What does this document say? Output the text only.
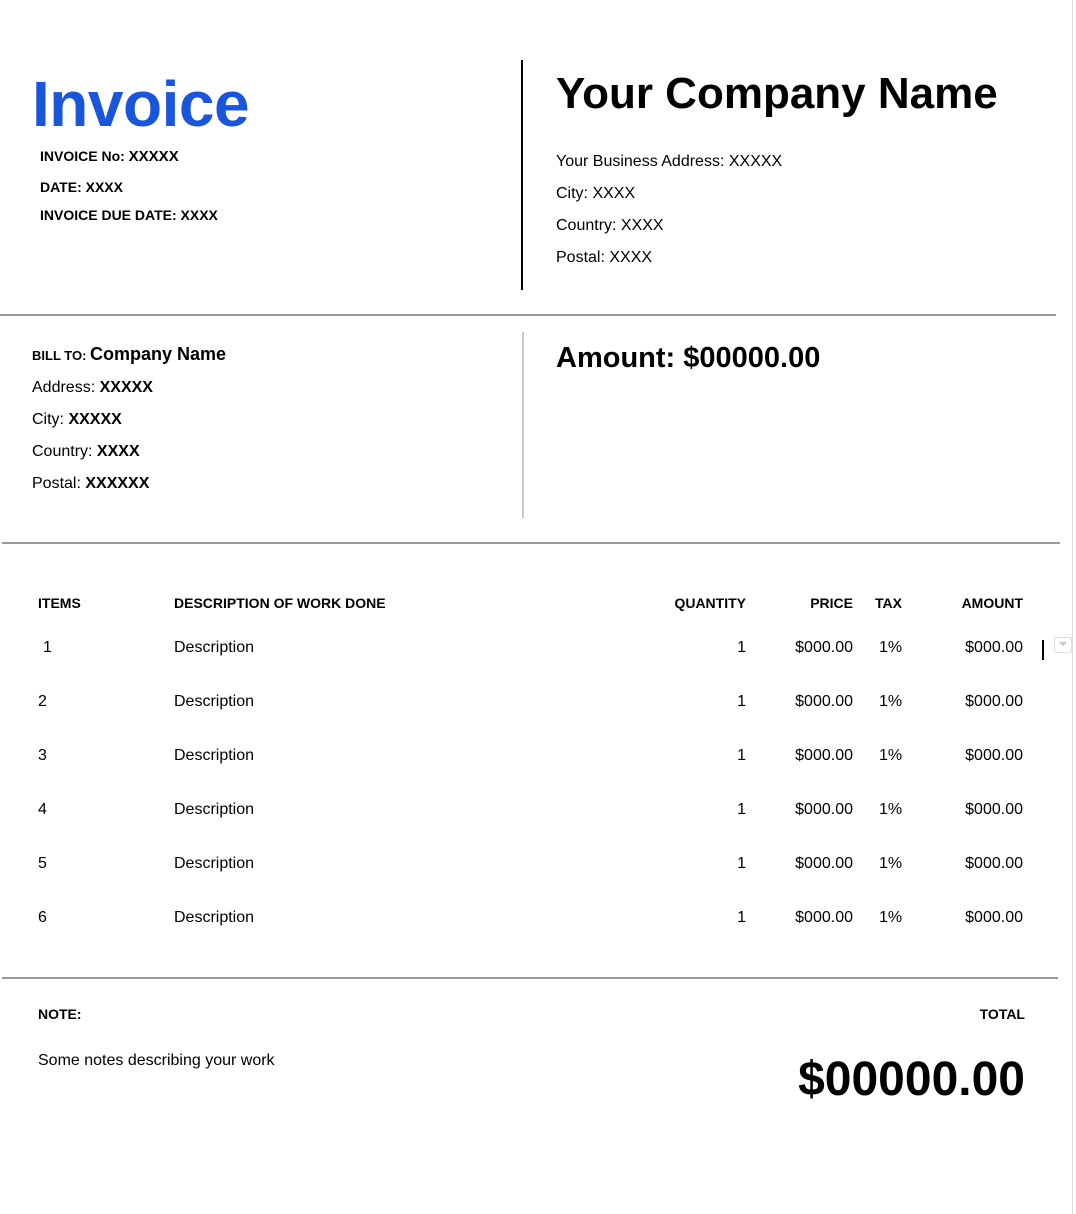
Invoice
INVOICE No: XXXXX
DATE: XXXX
INVOICE DUE DATE: XXXX
Your Company Name
Your Business Address: XXXXX
City: XXXX
Country: XXXX
Postal: XXXX
BILL TO: Company Name
Address: XXXXX
City: XXXXX
Country: XXXX
Postal: XXXXXX
Amount: $00000.00
ITEMS	DESCRIPTION OF WORK DONE	QUANTITY	PRICE TAX	AMOUNT
1	Description	1	$000.00 1%	$000.00
2	Description	1	$000.00 1%	$000.00
3	Description	1	$000.00 1%	$000.00
4	Description	1	$000.00 1%	$000.00
5	Description	1	$000.00 1%	$000.00
6	Description	1	$000.00 1%	$000.00
NOTE:
Some notes describing your work
TOTAL
$00000.00
